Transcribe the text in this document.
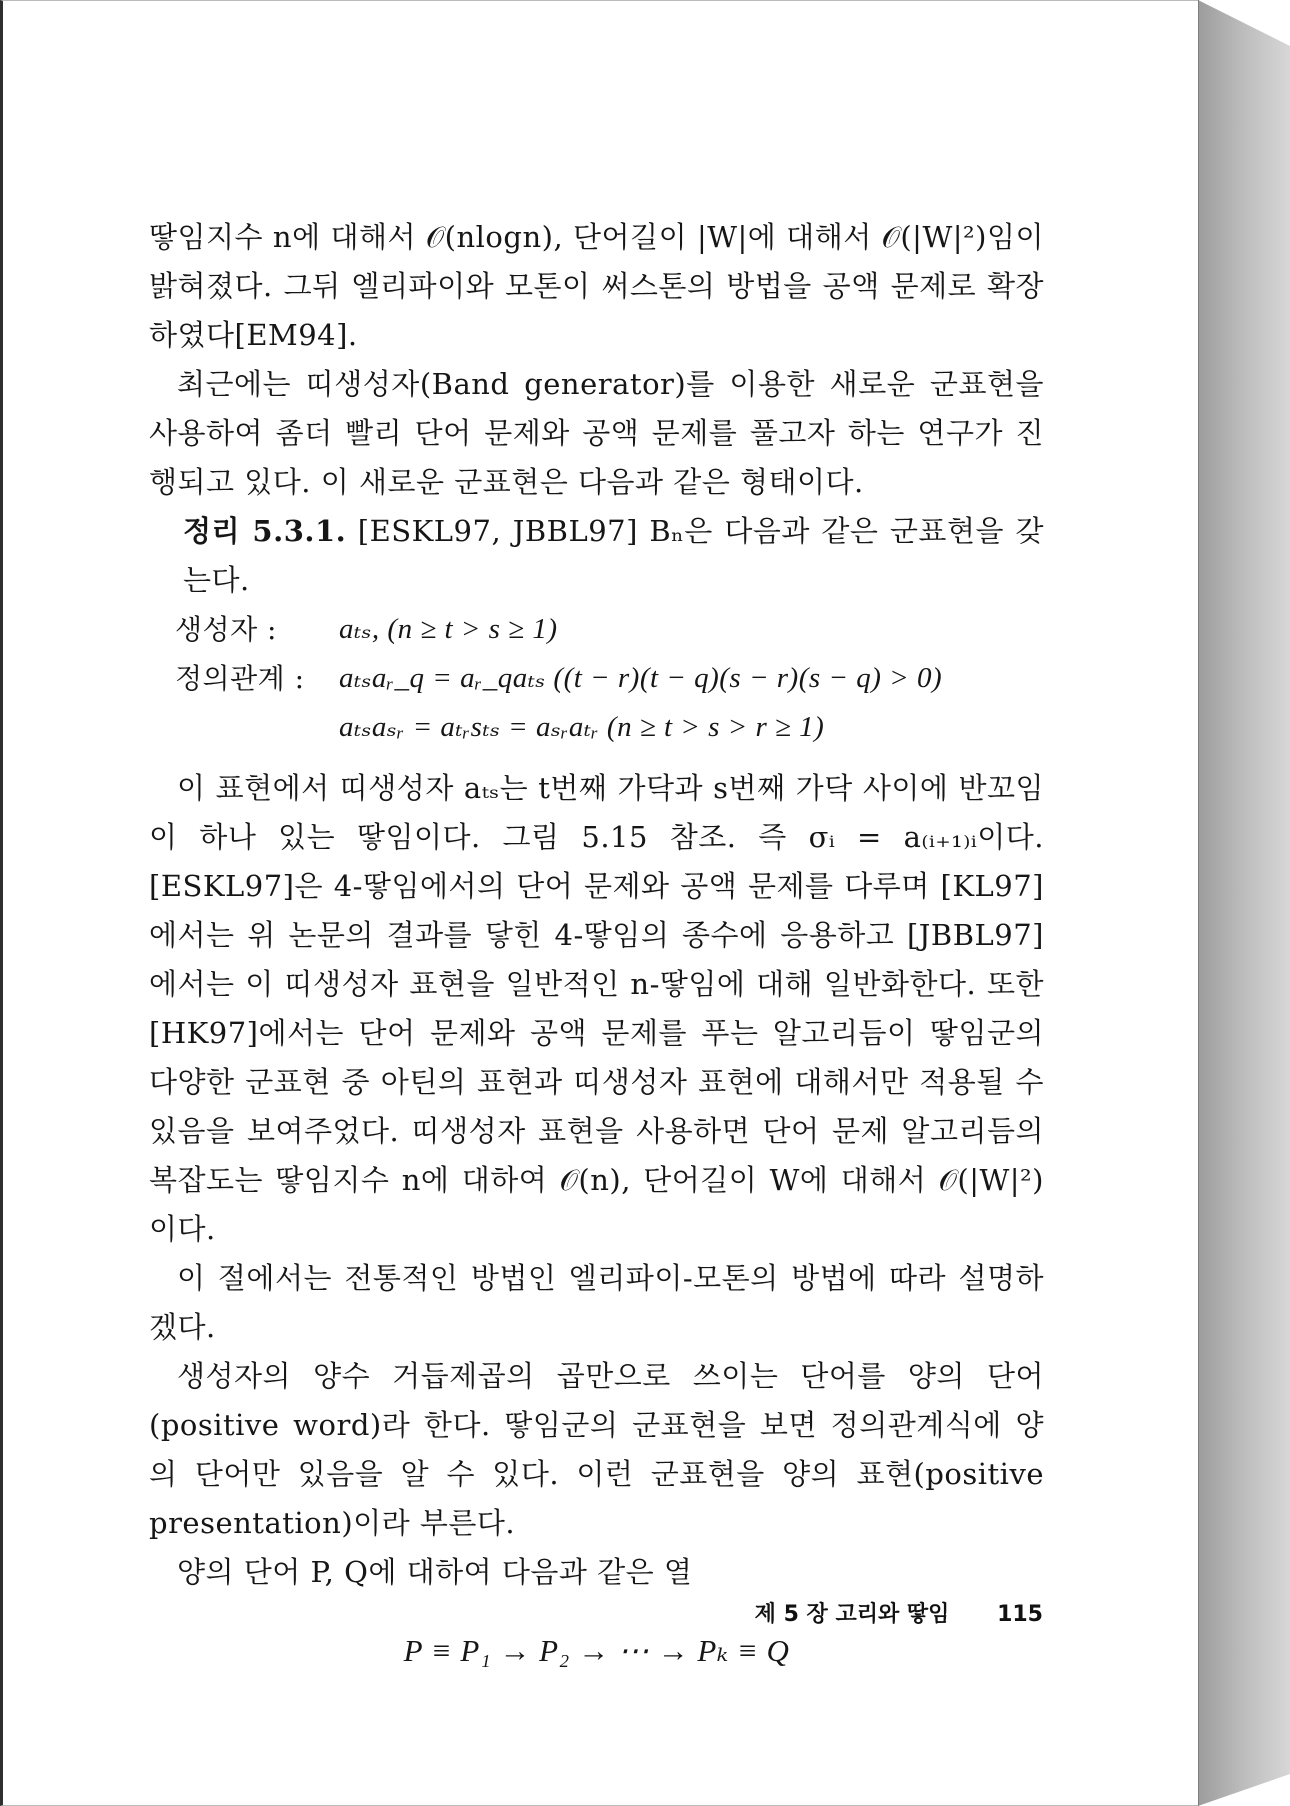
땋임지수 n에 대해서 𝒪(nlogn), 단어길이 |W|에 대해서 𝒪(|W|²)임이 밝혀졌다. 그뒤 엘리파이와 모톤이 써스톤의 방법을 공액 문제로 확장하였다[EM94].

최근에는 띠생성자(Band generator)를 이용한 새로운 군표현을 사용하여 좀더 빨리 단어 문제와 공액 문제를 풀고자 하는 연구가 진행되고 있다. 이 새로운 군표현은 다음과 같은 형태이다.

정리 5.3.1. [ESKL97, JBBL97] Bₙ은 다음과 같은 군표현을 갖는다.

생성자 :	aₜₛ, (n ≥ t > s ≥ 1)
정의관계 :	aₜₛaᵣ_q = aᵣ_qaₜₛ ((t − r)(t − q)(s − r)(s − q) > 0)
	aₜₛaₛᵣ = aₜᵣsₜₛ = aₛᵣaₜᵣ (n ≥ t > s > r ≥ 1)

이 표현에서 띠생성자 aₜₛ는 t번째 가닥과 s번째 가닥 사이에 반꼬임이 하나 있는 땋임이다. 그림 5.15 참조. 즉 σᵢ = a₍ᵢ₊₁₎ᵢ이다. [ESKL97]은 4-땋임에서의 단어 문제와 공액 문제를 다루며 [KL97]에서는 위 논문의 결과를 닿힌 4-땋임의 종수에 응용하고 [JBBL97]에서는 이 띠생성자 표현을 일반적인 n-땋임에 대해 일반화한다. 또한 [HK97]에서는 단어 문제와 공액 문제를 푸는 알고리듬이 땋임군의 다양한 군표현 중 아틴의 표현과 띠생성자 표현에 대해서만 적용될 수 있음을 보여주었다. 띠생성자 표현을 사용하면 단어 문제 알고리듬의 복잡도는 땋임지수 n에 대하여 𝒪(n), 단어길이 W에 대해서 𝒪(|W|²)이다.

이 절에서는 전통적인 방법인 엘리파이-모톤의 방법에 따라 설명하겠다.

생성자의 양수 거듭제곱의 곱만으로 쓰이는 단어를 양의 단어 (positive word)라 한다. 땋임군의 군표현을 보면 정의관계식에 양의 단어만 있음을 알 수 있다. 이런 군표현을 양의 표현(positive presentation)이라 부른다.

양의 단어 P, Q에 대하여 다음과 같은 열

P ≡ P₁ → P₂ → ⋯ → Pₖ ≡ Q
제 5 장 고리와 땋임 115
